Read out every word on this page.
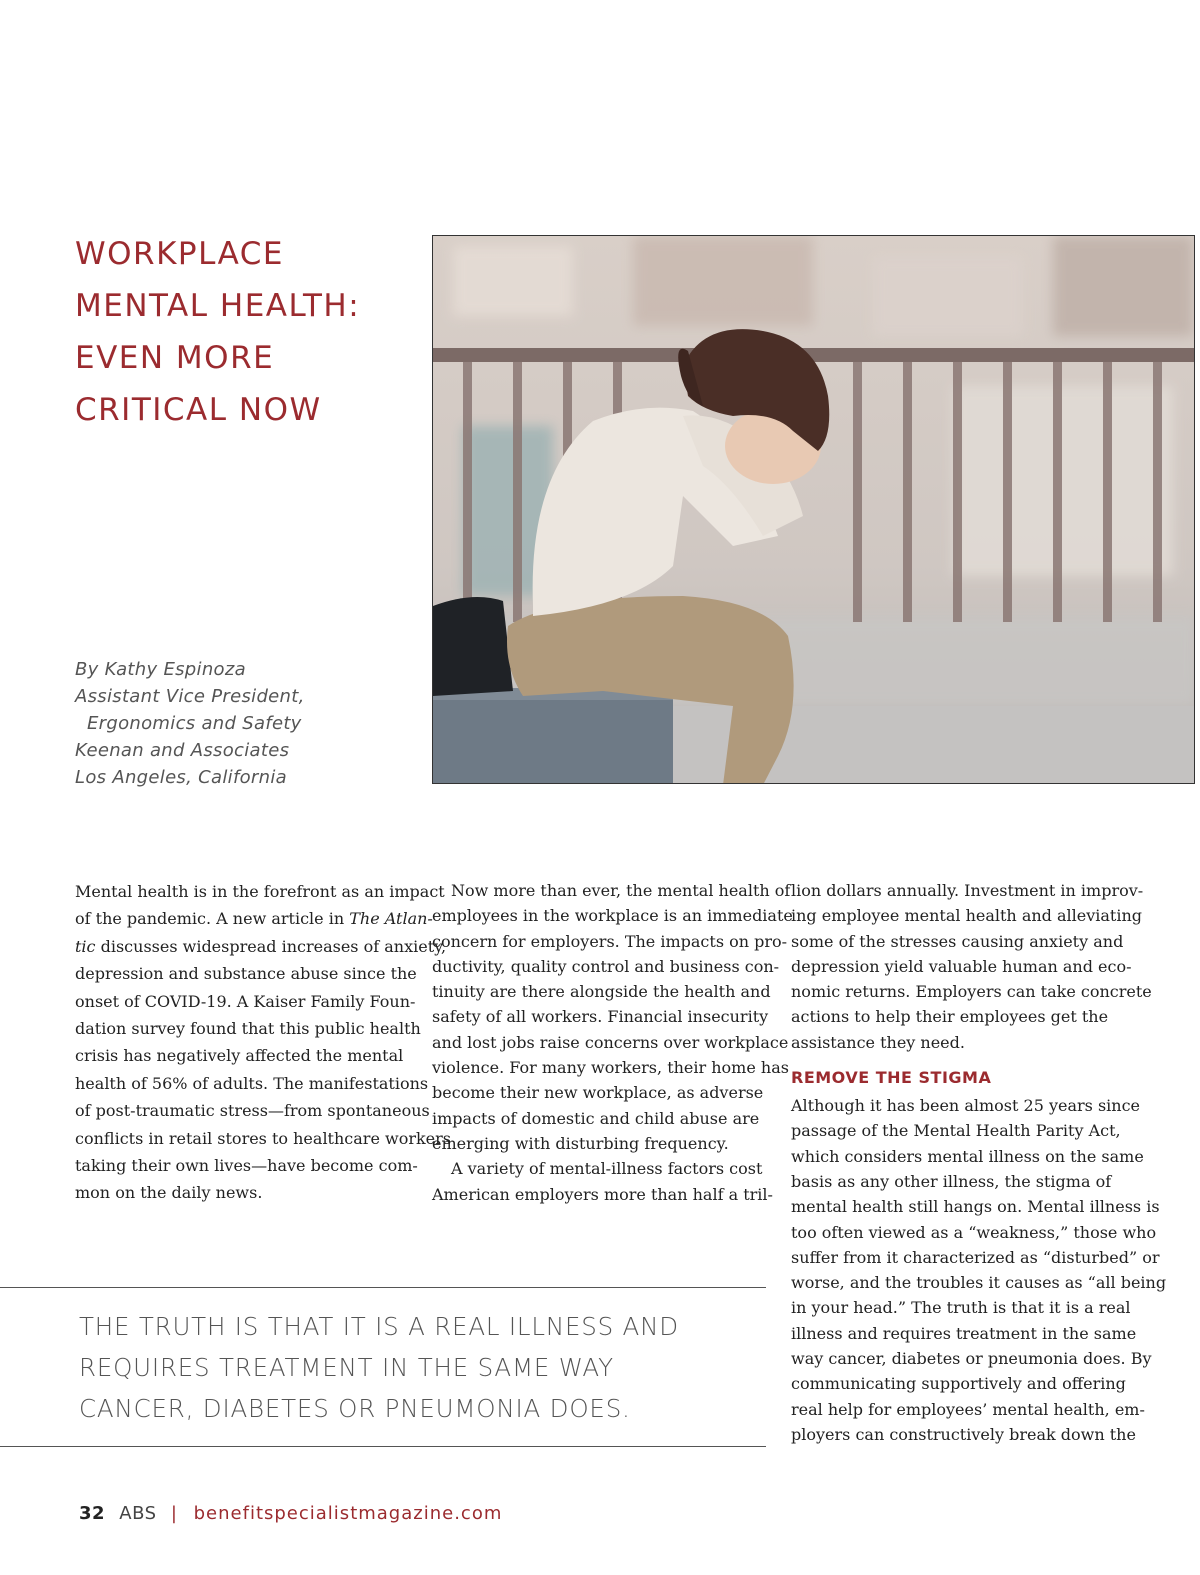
WORKPLACE
MENTAL HEALTH:
EVEN MORE
CRITICAL NOW
By Kathy Espinoza
Assistant Vice President,
Ergonomics and Safety
Keenan and Associates
Los Angeles, California
Mental health is in the forefront as an impact
of the pandemic. A new article in The Atlan-
tic discusses widespread increases of anxiety,
depression and substance abuse since the
onset of COVID-19. A Kaiser Family Foun-
dation survey found that this public health
crisis has negatively affected the mental
health of 56% of adults. The manifestations
of post-traumatic stress—from spontaneous
conflicts in retail stores to healthcare workers
taking their own lives—have become com-
mon on the daily news.
Now more than ever, the mental health of
employees in the workplace is an immediate
concern for employers. The impacts on pro-
ductivity, quality control and business con-
tinuity are there alongside the health and
safety of all workers. Financial insecurity
and lost jobs raise concerns over workplace
violence. For many workers, their home has
become their new workplace, as adverse
impacts of domestic and child abuse are
emerging with disturbing frequency.
A variety of mental-illness factors cost
American employers more than half a tril-
lion dollars annually. Investment in improv-
ing employee mental health and alleviating
some of the stresses causing anxiety and
depression yield valuable human and eco-
nomic returns. Employers can take concrete
actions to help their employees get the
assistance they need.
REMOVE THE STIGMA
Although it has been almost 25 years since
passage of the Mental Health Parity Act,
which considers mental illness on the same
basis as any other illness, the stigma of
mental health still hangs on. Mental illness is
too often viewed as a “weakness,” those who
suffer from it characterized as “disturbed” or
worse, and the troubles it causes as “all being
in your head.” The truth is that it is a real
illness and requires treatment in the same
way cancer, diabetes or pneumonia does. By
communicating supportively and offering
real help for employees’ mental health, em-
ployers can constructively break down the
THE TRUTH IS THAT IT IS A REAL ILLNESS AND
REQUIRES TREATMENT IN THE SAME WAY
CANCER, DIABETES OR PNEUMONIA DOES.
32 ABS | benefitspecialistmagazine.com
